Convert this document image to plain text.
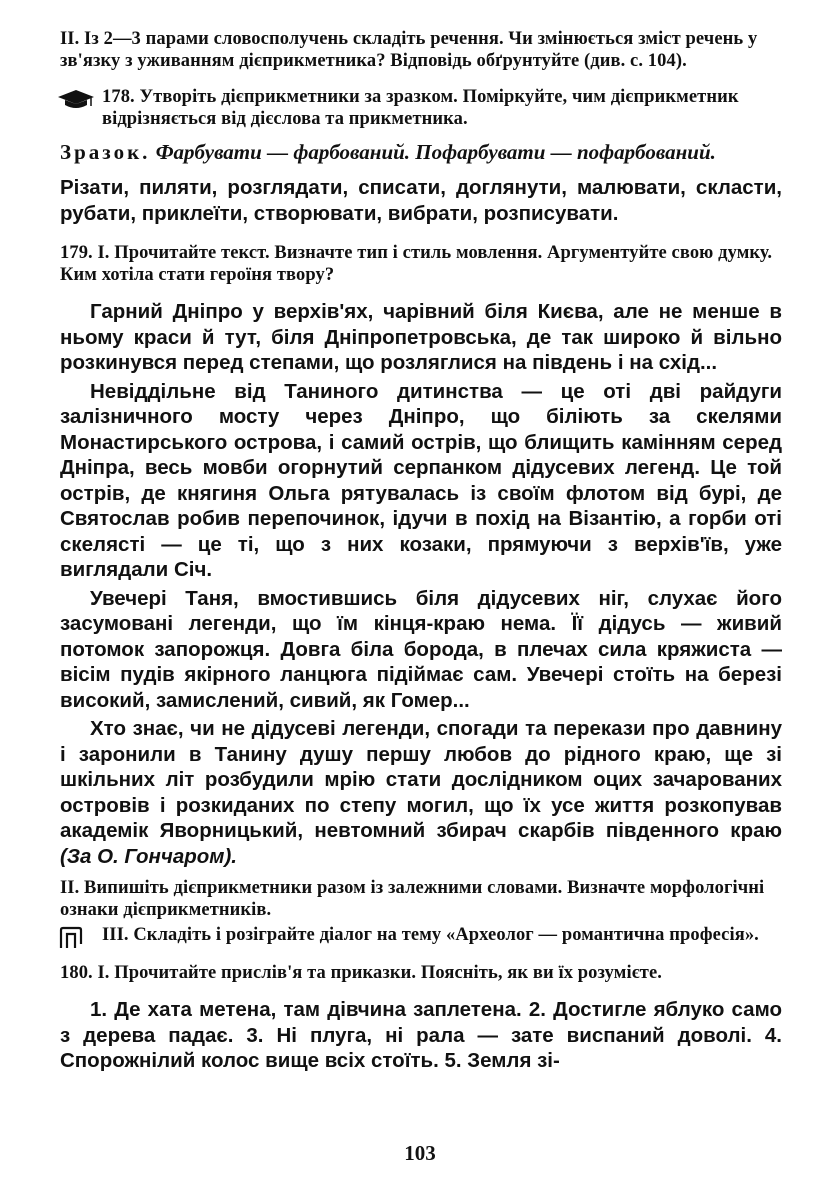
II. Із 2—3 парами словосполучень складіть речення. Чи змінюється зміст речень у зв'язку з уживанням дієприкметника? Відповідь обґрунтуйте (див. с. 104).

178. Утворіть дієприкметники за зразком. Поміркуйте, чим дієприкметник відрізняється від дієслова та прикметника.

Зразок. Фарбувати — фарбований. Пофарбувати — пофарбований.

Різати, пиляти, розглядати, списати, доглянути, малювати, скласти, рубати, приклеїти, створювати, вибрати, розписувати.

179. І. Прочитайте текст. Визначте тип і стиль мовлення. Аргументуйте свою думку. Ким хотіла стати героїня твору?

Гарний Дніпро у верхів'ях, чарівний біля Києва, але не менше в ньому краси й тут, біля Дніпропетровська, де так широко й вільно розкинувся перед степами, що розляглися на південь і на схід...

Невіддільне від Таниного дитинства — це оті дві райдуги залізничного мосту через Дніпро, що біліють за скелями Монастирського острова, і самий острів, що блищить камінням серед Дніпра, весь мовби огорнутий серпанком дідусевих легенд. Це той острів, де княгиня Ольга рятувалась із своїм флотом від бурі, де Святослав робив перепочинок, ідучи в похід на Візантію, а горби оті скелясті — це ті, що з них козаки, прямуючи з верхів'їв, уже виглядали Січ.

Увечері Таня, вмостившись біля дідусевих ніг, слухає його засумовані легенди, що їм кінця-краю нема. Її дідусь — живий потомок запорожця. Довга біла борода, в плечах сила кряжиста — вісім пудів якірного ланцюга підіймає сам. Увечері стоїть на березі високий, замислений, сивий, як Гомер...

Хто знає, чи не дідусеві легенди, спогади та перекази про давнину і заронили в Танину душу першу любов до рідного краю, ще зі шкільних літ розбудили мрію стати дослідником оцих зачарованих островів і розкиданих по степу могил, що їх усе життя розкопував академік Яворницький, невтомний збирач скарбів південного краю (За О. Гончаром).

II. Випишіть дієприкметники разом із залежними словами. Визначте морфологічні ознаки дієприкметників.

III. Складіть і розіграйте діалог на тему «Археолог — романтична професія».

180. І. Прочитайте прислів'я та приказки. Поясніть, як ви їх розумієте.

1. Де хата метена, там дівчина заплетена. 2. Достигле яблуко само з дерева падає. 3. Ні плуга, ні рала — зате виспаний доволі. 4. Спорожнілий колос вище всіх стоїть. 5. Земля зі-

103
